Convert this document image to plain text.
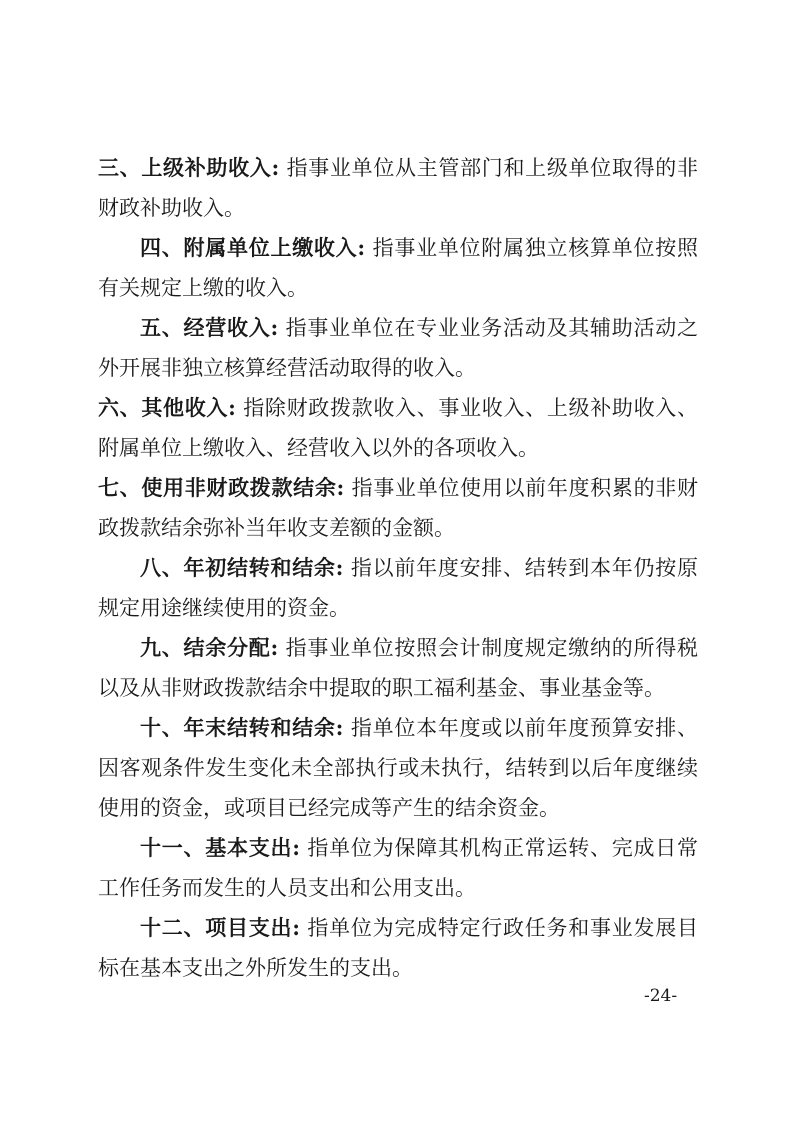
三、上级补助收入: 指事业单位从主管部门和上级单位取得的非财政补助收入。

四、附属单位上缴收入: 指事业单位附属独立核算单位按照有关规定上缴的收入。

五、经营收入: 指事业单位在专业业务活动及其辅助活动之外开展非独立核算经营活动取得的收入。

六、其他收入: 指除财政拨款收入、事业收入、上级补助收入、附属单位上缴收入、经营收入以外的各项收入。

七、使用非财政拨款结余: 指事业单位使用以前年度积累的非财政拨款结余弥补当年收支差额的金额。

八、年初结转和结余: 指以前年度安排、结转到本年仍按原规定用途继续使用的资金。

九、结余分配: 指事业单位按照会计制度规定缴纳的所得税以及从非财政拨款结余中提取的职工福利基金、事业基金等。

十、年末结转和结余: 指单位本年度或以前年度预算安排、因客观条件发生变化未全部执行或未执行，结转到以后年度继续使用的资金，或项目已经完成等产生的结余资金。

十一、基本支出: 指单位为保障其机构正常运转、完成日常工作任务而发生的人员支出和公用支出。

十二、项目支出: 指单位为完成特定行政任务和事业发展目标在基本支出之外所发生的支出。

-24-
